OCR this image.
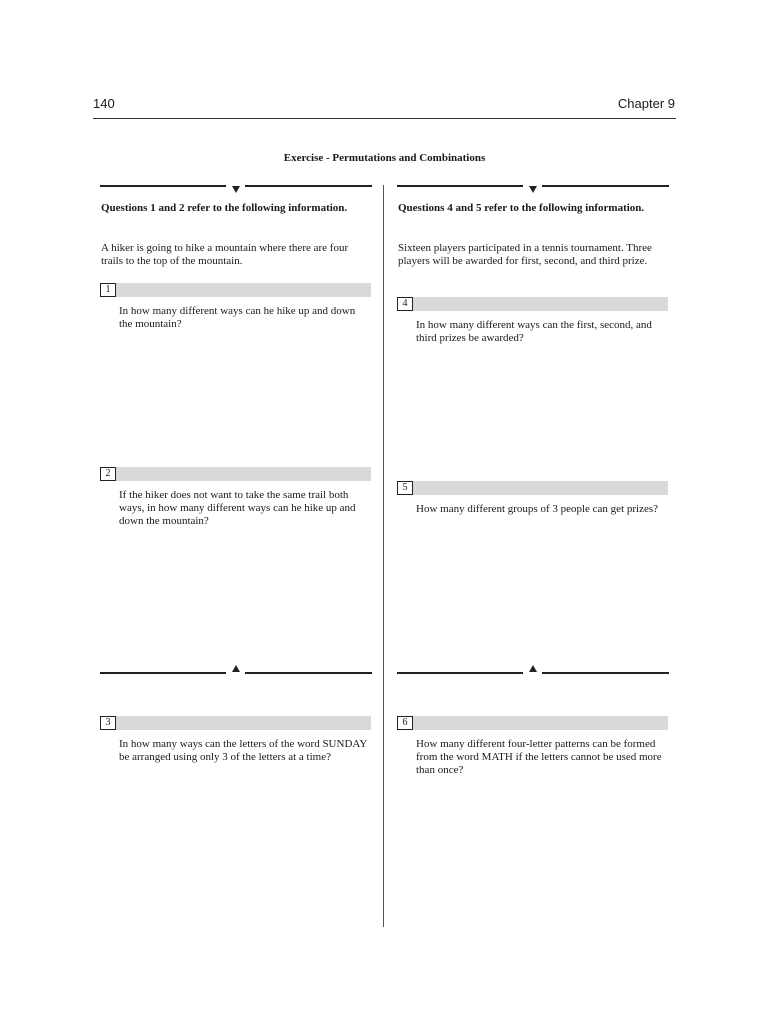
140	Chapter 9
Exercise - Permutations and Combinations
Questions 1 and 2 refer to the following information.
A hiker is going to hike a mountain where there are four trails to the top of the mountain.
Questions 4 and 5 refer to the following information.
Sixteen players participated in a tennis tournament. Three players will be awarded for first, second, and third prize.
1
In how many different ways can he hike up and down the mountain?
2
If the hiker does not want to take the same trail both ways, in how many different ways can he hike up and down the mountain?
4
In how many different ways can the first, second, and third prizes be awarded?
5
How many different groups of 3 people can get prizes?
3
In how many ways can the letters of the word SUNDAY be arranged using only 3 of the letters at a time?
6
How many different four-letter patterns can be formed from the word MATH if the letters cannot be used more than once?
